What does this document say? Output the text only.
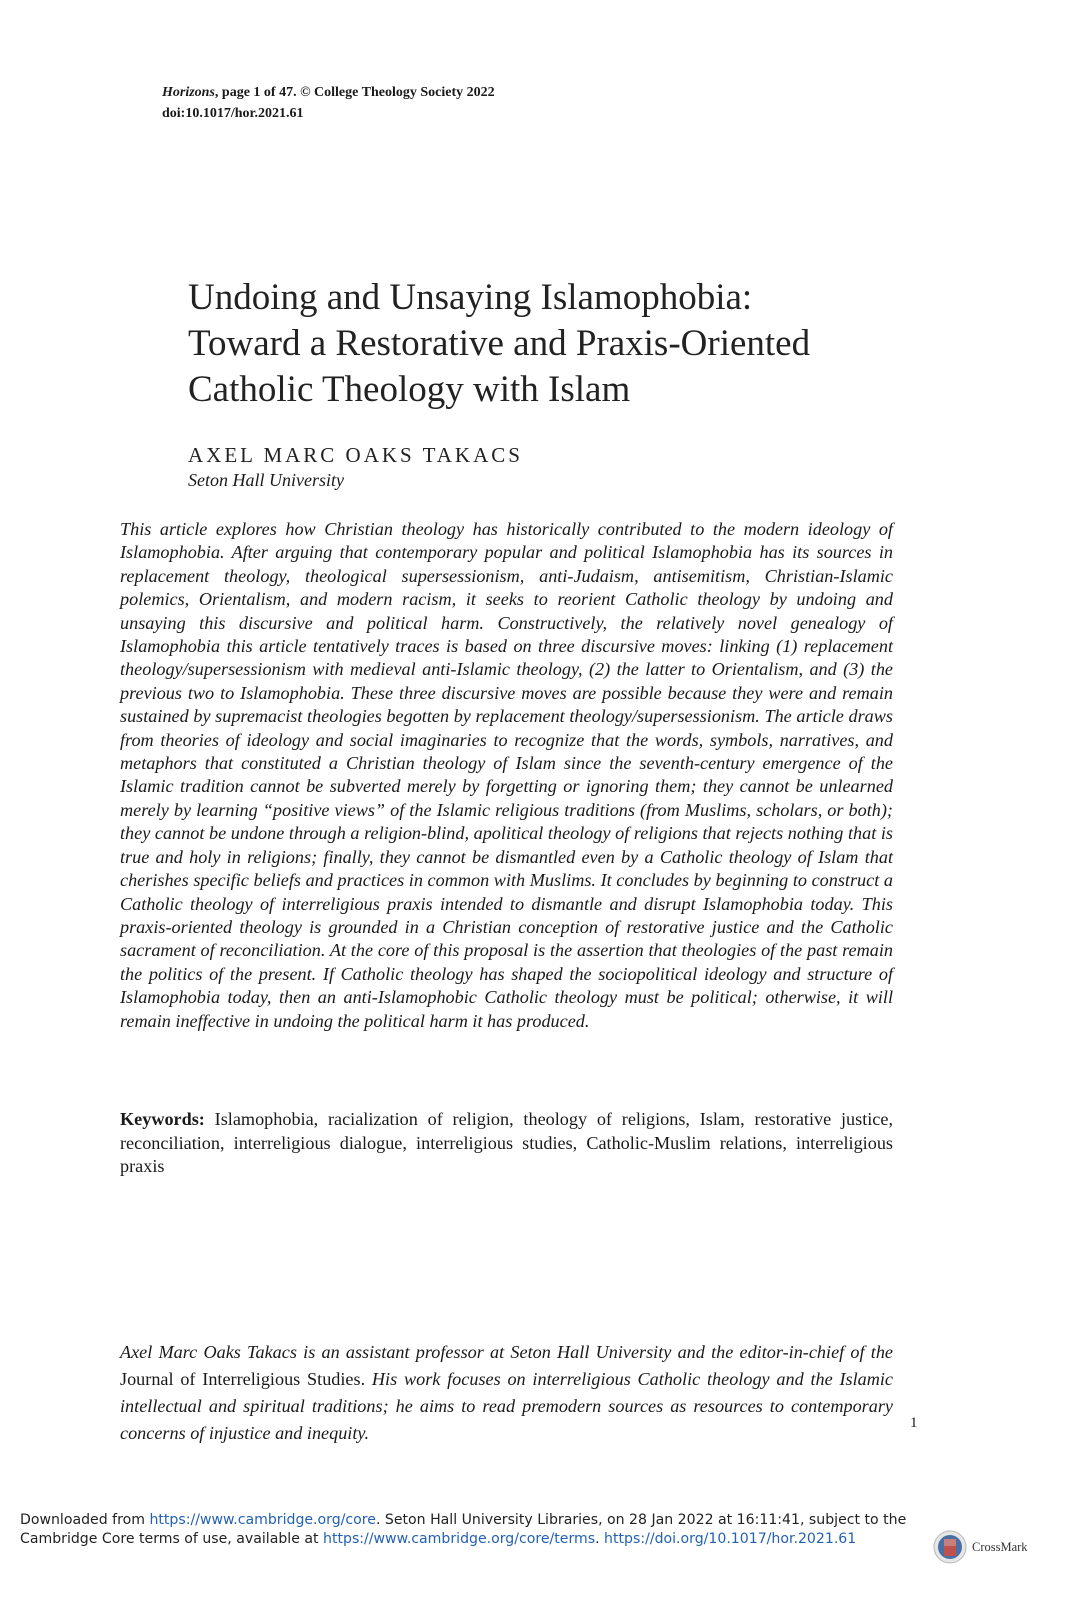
Horizons, page 1 of 47. © College Theology Society 2022
doi:10.1017/hor.2021.61
Undoing and Unsaying Islamophobia:
Toward a Restorative and Praxis-Oriented
Catholic Theology with Islam
AXEL MARC OAKS TAKACS
Seton Hall University

This article explores how Christian theology has historically contributed to the modern ideology of Islamophobia. After arguing that contemporary popular and political Islamophobia has its sources in replacement theology, theological supersessionism, anti-Judaism, antisemitism, Christian-Islamic polemics, Orientalism, and modern racism, it seeks to reorient Catholic theology by undoing and unsaying this discursive and political harm. Constructively, the relatively novel genealogy of Islamophobia this article tentatively traces is based on three discursive moves: linking (1) replacement theology/supersessionism with medieval anti-Islamic theology, (2) the latter to Orientalism, and (3) the previous two to Islamophobia. These three discursive moves are possible because they were and remain sustained by supremacist theologies begotten by replacement theology/supersessionism. The article draws from theories of ideology and social imaginaries to recognize that the words, symbols, narratives, and metaphors that constituted a Christian theology of Islam since the seventh-century emergence of the Islamic tradition cannot be subverted merely by forgetting or ignoring them; they cannot be unlearned merely by learning “positive views” of the Islamic religious traditions (from Muslims, scholars, or both); they cannot be undone through a religion-blind, apolitical theology of religions that rejects nothing that is true and holy in religions; finally, they cannot be dismantled even by a Catholic theology of Islam that cherishes specific beliefs and practices in common with Muslims. It concludes by beginning to construct a Catholic theology of interreligious praxis intended to dismantle and disrupt Islamophobia today. This praxis-oriented theology is grounded in a Christian conception of restorative justice and the Catholic sacrament of reconciliation. At the core of this proposal is the assertion that theologies of the past remain the politics of the present. If Catholic theology has shaped the sociopolitical ideology and structure of Islamophobia today, then an anti-Islamophobic Catholic theology must be political; otherwise, it will remain ineffective in undoing the political harm it has produced.

Keywords: Islamophobia, racialization of religion, theology of religions, Islam, restorative justice, reconciliation, interreligious dialogue, interreligious studies, Catholic-Muslim relations, interreligious praxis

Axel Marc Oaks Takacs is an assistant professor at Seton Hall University and the editor-in-chief of the Journal of Interreligious Studies. His work focuses on interreligious Catholic theology and the Islamic intellectual and spiritual traditions; he aims to read premodern sources as resources to contemporary concerns of injustice and inequity.	1
Downloaded from https://www.cambridge.org/core. Seton Hall University Libraries, on 28 Jan 2022 at 16:11:41, subject to the
Cambridge Core terms of use, available at https://www.cambridge.org/core/terms. https://doi.org/10.1017/hor.2021.61	CrossMark
